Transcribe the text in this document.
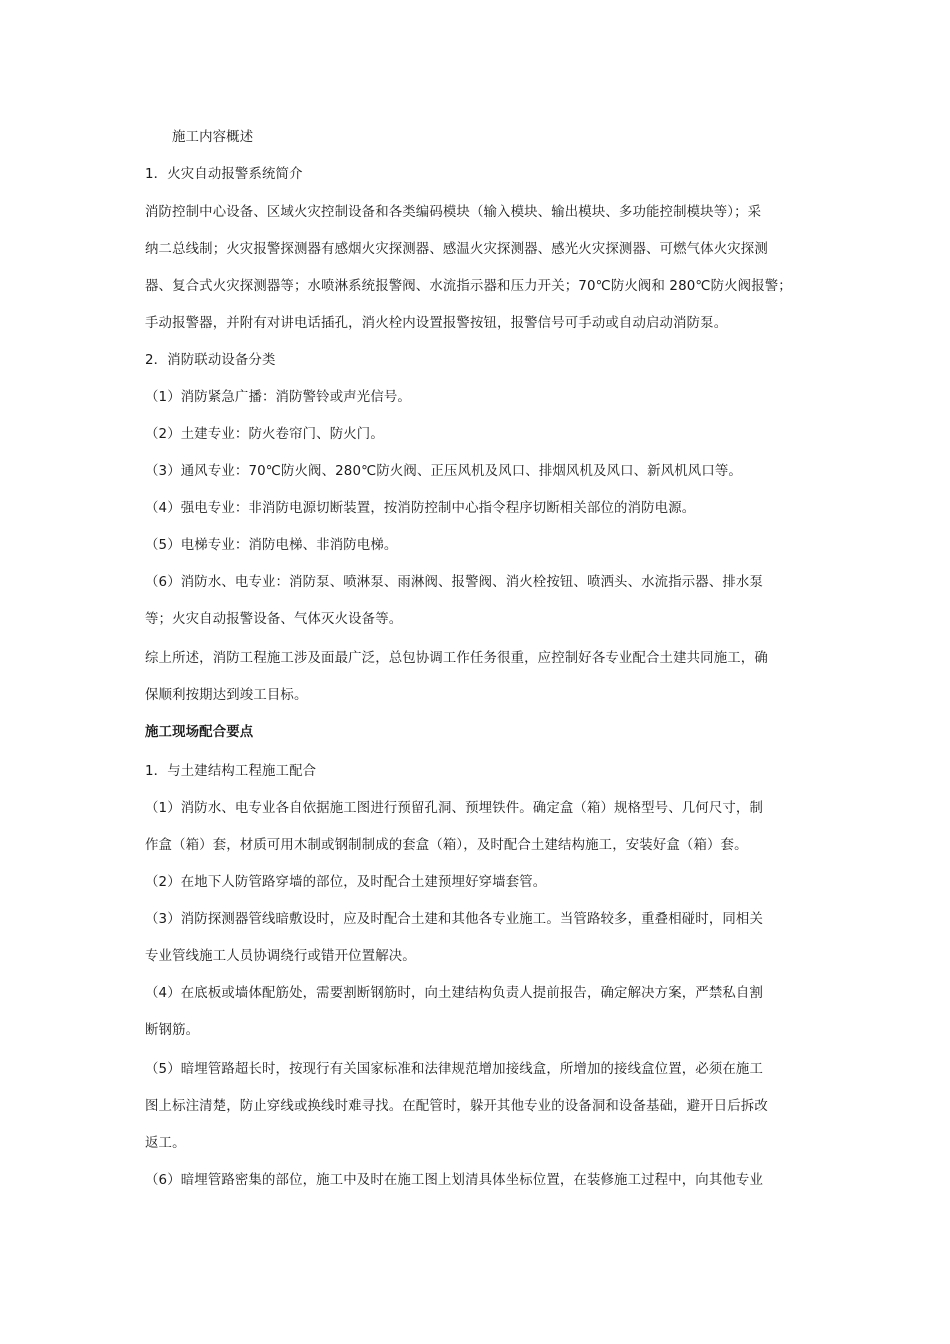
施工内容概述
1．火灾自动报警系统简介
消防控制中心设备、区域火灾控制设备和各类编码模块（输入模块、输出模块、多功能控制模块等）；采
纳二总线制；火灾报警探测器有感烟火灾探测器、感温火灾探测器、感光火灾探测器、可燃气体火灾探测
器、复合式火灾探测器等；水喷淋系统报警阀、水流指示器和压力开关；70℃防火阀和 280℃防火阀报警；
手动报警器，并附有对讲电话插孔，消火栓内设置报警按钮，报警信号可手动或自动启动消防泵。
2．消防联动设备分类
（1）消防紧急广播：消防警铃或声光信号。
（2）土建专业：防火卷帘门、防火门。
（3）通风专业：70℃防火阀、280℃防火阀、正压风机及风口、排烟风机及风口、新风机风口等。
（4）强电专业：非消防电源切断装置，按消防控制中心指令程序切断相关部位的消防电源。
（5）电梯专业：消防电梯、非消防电梯。
（6）消防水、电专业：消防泵、喷淋泵、雨淋阀、报警阀、消火栓按钮、喷洒头、水流指示器、排水泵
等；火灾自动报警设备、气体灭火设备等。
综上所述，消防工程施工涉及面最广泛，总包协调工作任务很重，应控制好各专业配合土建共同施工，确
保顺利按期达到竣工目标。
施工现场配合要点
1．与土建结构工程施工配合
（1）消防水、电专业各自依据施工图进行预留孔洞、预埋铁件。确定盒（箱）规格型号、几何尺寸，制
作盒（箱）套，材质可用木制或钢制制成的套盒（箱），及时配合土建结构施工，安装好盒（箱）套。
（2）在地下人防管路穿墙的部位，及时配合土建预埋好穿墙套管。
（3）消防探测器管线暗敷设时，应及时配合土建和其他各专业施工。当管路较多，重叠相碰时，同相关
专业管线施工人员协调绕行或错开位置解决。
（4）在底板或墙体配筋处，需要割断钢筋时，向土建结构负责人提前报告，确定解决方案，严禁私自割
断钢筋。
（5）暗埋管路超长时，按现行有关国家标准和法律规范增加接线盒，所增加的接线盒位置，必须在施工
图上标注清楚，防止穿线或换线时难寻找。在配管时，躲开其他专业的设备洞和设备基础，避开日后拆改
返工。
（6）暗埋管路密集的部位，施工中及时在施工图上划清具体坐标位置，在装修施工过程中，向其他专业
